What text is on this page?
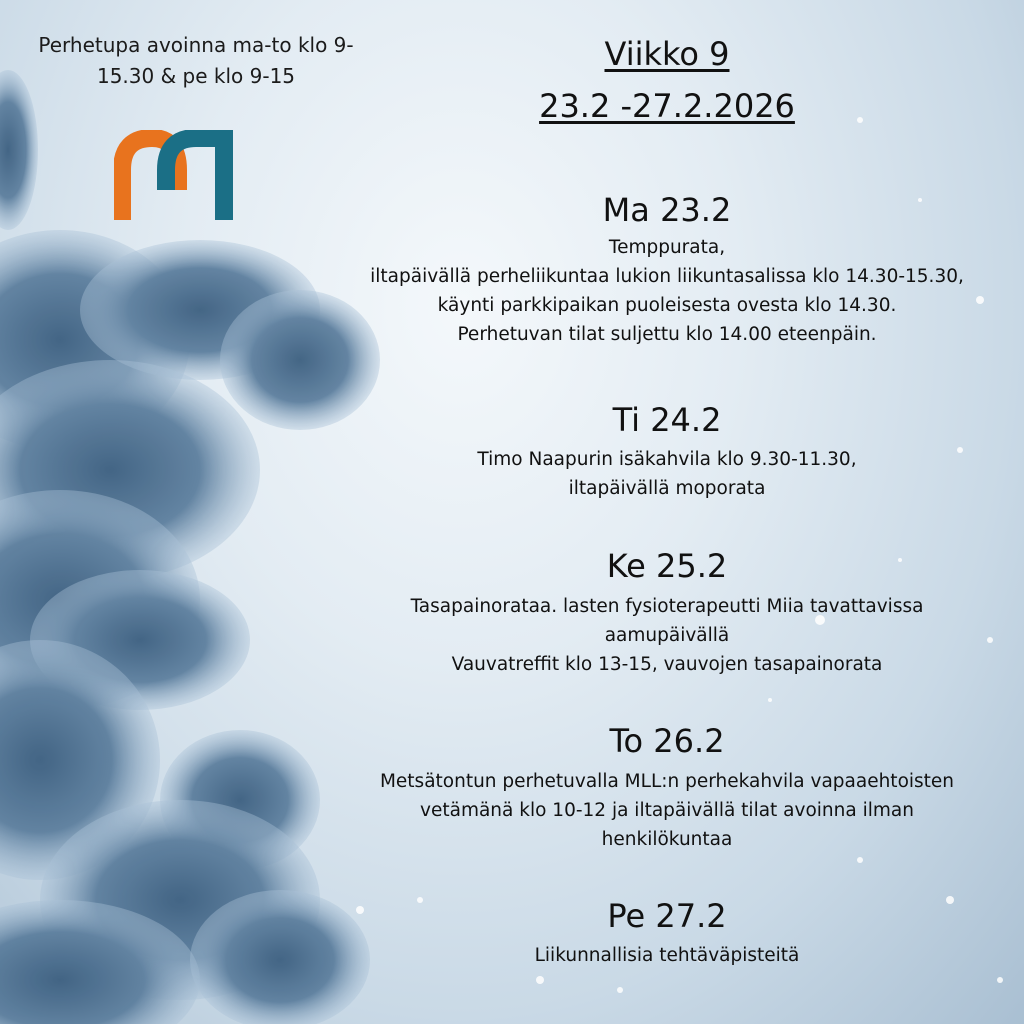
Perhetupa avoinna ma-to klo 9-
15.30 & pe klo 9-15
Viikko 9
23.2 -27.2.2026
Ma 23.2
Temppurata,
iltapäivällä perheliikuntaa lukion liikuntasalissa klo 14.30-15.30,
käynti parkkipaikan puoleisesta ovesta klo 14.30.
Perhetuvan tilat suljettu klo 14.00 eteenpäin.
Ti 24.2
Timo Naapurin isäkahvila klo 9.30-11.30,
iltapäivällä moporata
Ke 25.2
Tasapainorataa. lasten fysioterapeutti Miia tavattavissa
aamupäivällä
Vauvatreffit klo 13-15, vauvojen tasapainorata
To 26.2
Metsätontun perhetuvalla MLL:n perhekahvila vapaaehtoisten
vetämänä klo 10-12 ja iltapäivällä tilat avoinna ilman
henkilökuntaa
Pe 27.2
Liikunnallisia tehtäväpisteitä
